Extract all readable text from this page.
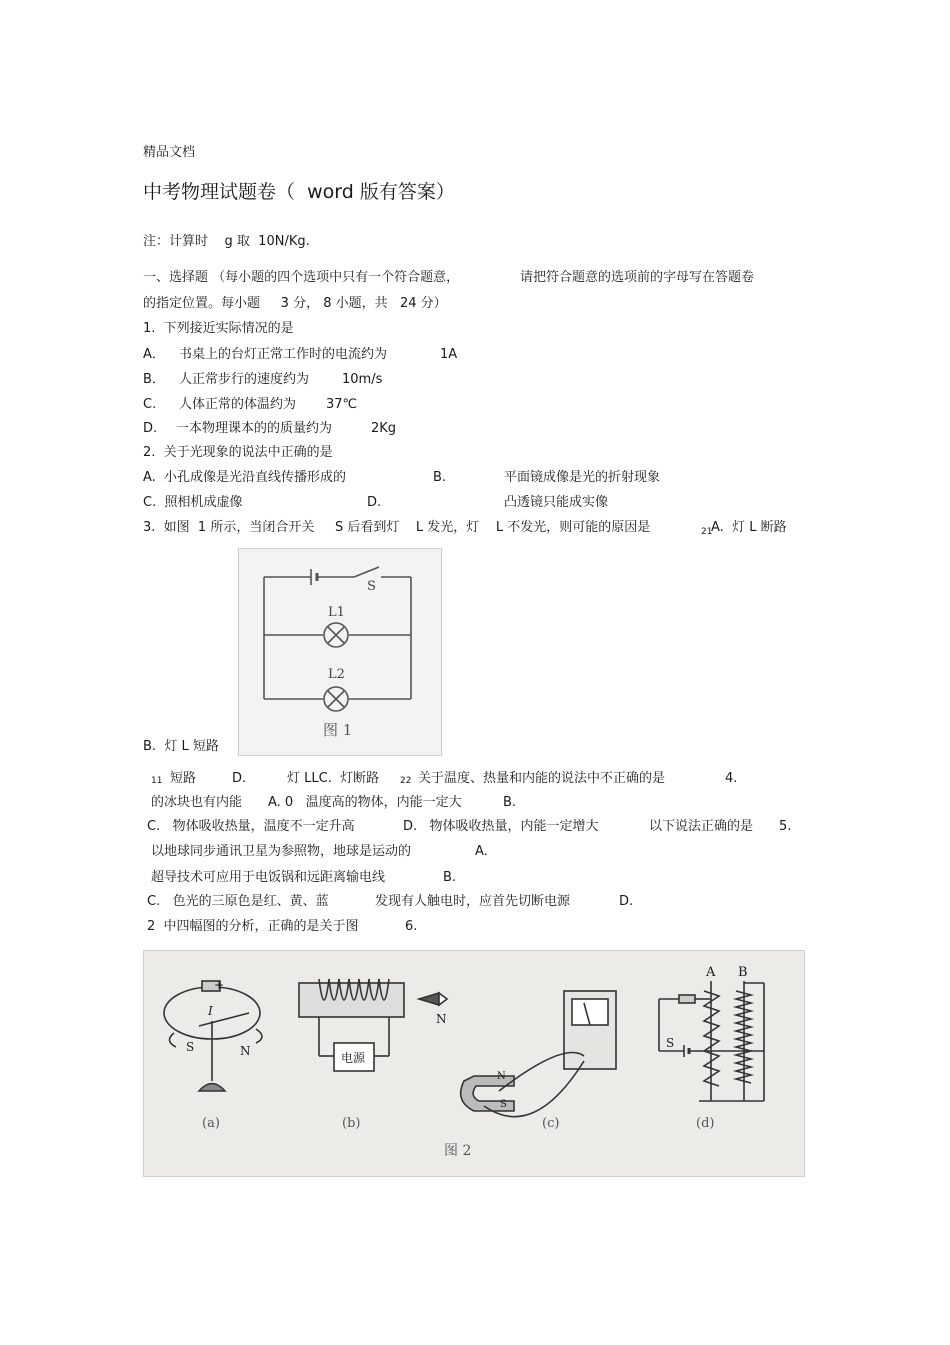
精品文档
中考物理试题卷（  word 版有答案）
注：计算时    g 取  10N/Kg.
一、选择题 （每小题的四个选项中只有一个符合题意，	请把符合题意的选项前的字母写在答题卷
的指定位置。每小题     3 分， 8 小题，共   24 分）
1.  下列接近实际情况的是
A． 书桌上的台灯正常工作时的电流约为	1A
B． 人正常步行的速度约为	10m/s
C. 人体正常的体温约为 37℃
D. 一本物理课本的的质量约为	2Kg
2.  关于光现象的说法中正确的是
A.  小孔成像是光沿直线传播形成的	B.	平面镜成像是光的折射现象
C.  照相机成虚像	D.	凸透镜只能成实像
3.  如图  1 所示，当闭合开关     S 后看到灯    L 发光，灯    L 不发光，则可能的原因是	21
A.  灯 L 断路
B.  灯 L 短路
S
L1
L2
图 1
11 短路	D.	灯 LLC.  灯断路 22 关于温度、热量和内能的说法中不正确的是	4.
的冰块也有内能 A. 0   温度高的物体，内能一定大	B.
C.   物体吸收热量，温度不一定升高	D.   物体吸收热量，内能一定增大	以下说法正确的是 5.
以地球同步通讯卫星为参照物，地球是运动的	A.
超导技术可应用于电饭锅和远距离输电线	B.
C.   色光的三原色是红、黄、蓝	发现有人触电时，应首先切断电源	D.
2  中四幅图的分析，正确的是关于图	6.
+
I
S	N	电源
N
N
S
S
A B
(a)	(b)	(c)	(d)
图 2
